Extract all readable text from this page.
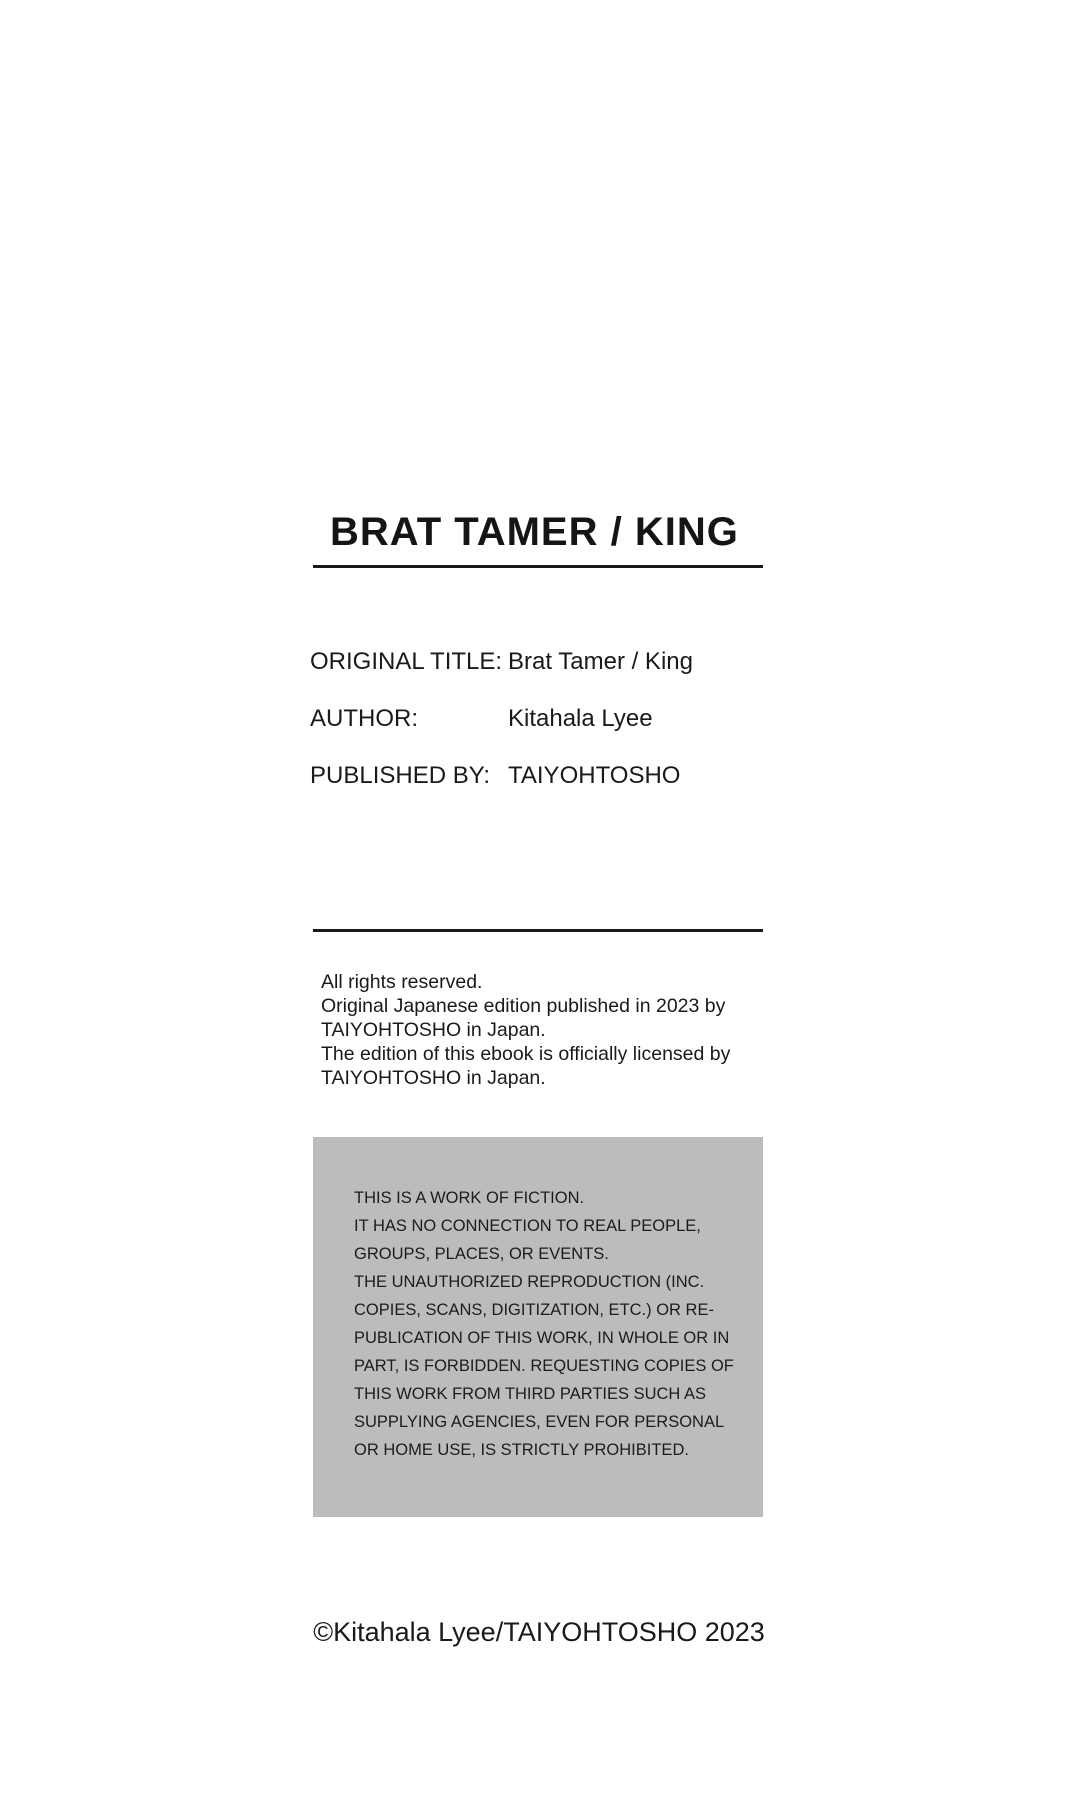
BRAT TAMER / KING
ORIGINAL TITLE: Brat Tamer / King
AUTHOR:	Kitahala Lyee
PUBLISHED BY: TAIYOHTOSHO

All rights reserved.

Original Japanese edition published in 2023 by

TAIYOHTOSHO in Japan.

The edition of this ebook is officially licensed by

TAIYOHTOSHO in Japan.

THIS IS A WORK OF FICTION.

IT HAS NO CONNECTION TO REAL PEOPLE,

GROUPS, PLACES, OR EVENTS.

THE UNAUTHORIZED REPRODUCTION (INC.

COPIES, SCANS, DIGITIZATION, ETC.) OR RE-

PUBLICATION OF THIS WORK, IN WHOLE OR IN

PART, IS FORBIDDEN. REQUESTING COPIES OF

THIS WORK FROM THIRD PARTIES SUCH AS

SUPPLYING AGENCIES, EVEN FOR PERSONAL

OR HOME USE, IS STRICTLY PROHIBITED.

©Kitahala Lyee/TAIYOHTOSHO 2023
